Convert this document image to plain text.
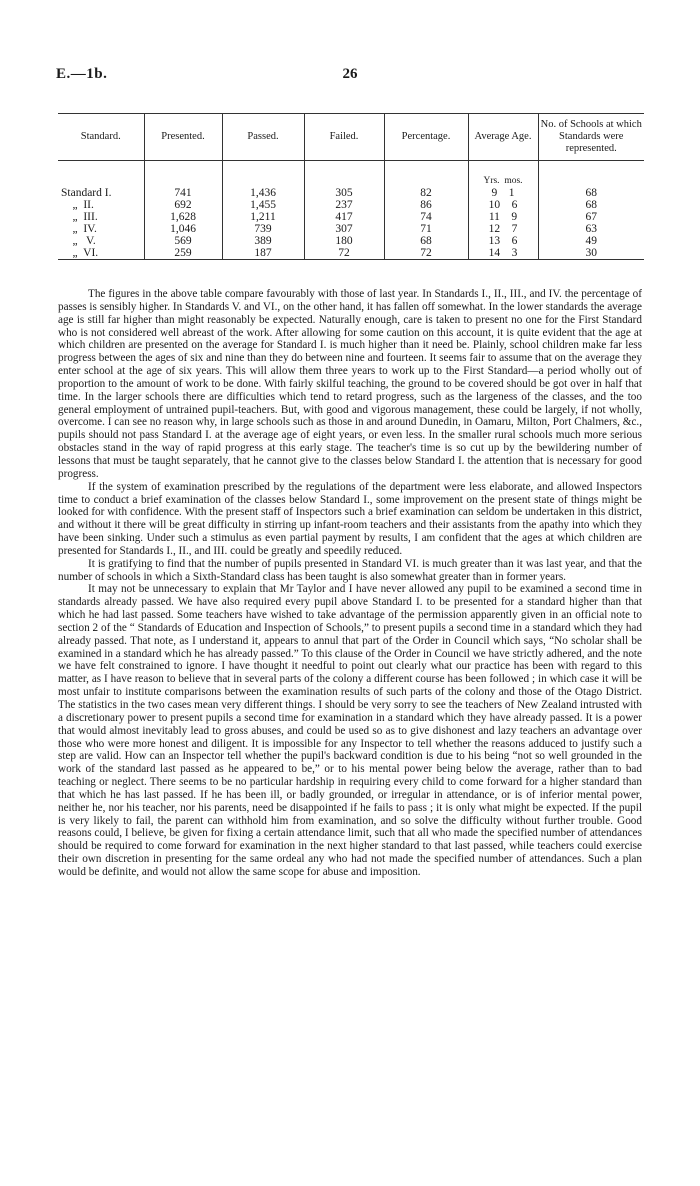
E.—1b.	26
Standard.	Presented.	Passed.	Failed.	Percentage.	Average Age.	No. of Schools at which Standards were represented.

					Yrs. mos.	
Standard I.	741	1,436	305	82	9    1	68
„  II.	692	1,455	237	86	10    6	68
„  III.	1,628	1,211	417	74	11    9	67
„  IV.	1,046	739	307	71	12    7	63
„   V.	569	389	180	68	13    6	49
„  VI.	259	187	72	72	14    3	30

The figures in the above table compare favourably with those of last year. In Standards I., II., III., and IV. the percentage of passes is sensibly higher. In Standards V. and VI., on the other hand, it has fallen off somewhat. In the lower standards the average age is still far higher than might reasonably be expected. Naturally enough, care is taken to present no one for the First Standard who is not considered well abreast of the work. After allowing for some caution on this account, it is quite evident that the age at which children are presented on the average for Standard I. is much higher than it need be. Plainly, school children make far less progress between the ages of six and nine than they do between nine and fourteen. It seems fair to assume that on the average they enter school at the age of six years. This will allow them three years to work up to the First Standard—a period wholly out of proportion to the amount of work to be done. With fairly skilful teaching, the ground to be covered should be got over in half that time. In the larger schools there are difficulties which tend to retard progress, such as the largeness of the classes, and the too general employment of untrained pupil-teachers. But, with good and vigorous management, these could be largely, if not wholly, overcome. I can see no reason why, in large schools such as those in and around Dunedin, in Oamaru, Milton, Port Chalmers, &c., pupils should not pass Standard I. at the average age of eight years, or even less. In the smaller rural schools much more serious obstacles stand in the way of rapid progress at this early stage. The teacher's time is so cut up by the bewildering number of lessons that must be taught separately, that he cannot give to the classes below Standard I. the attention that is necessary for good progress.

If the system of examination prescribed by the regulations of the department were less elaborate, and allowed Inspectors time to conduct a brief examination of the classes below Standard I., some improvement on the present state of things might be looked for with confidence. With the present staff of Inspectors such a brief examination can seldom be undertaken in this district, and without it there will be great difficulty in stirring up infant-room teachers and their assistants from the apathy into which they have been sinking. Under such a stimulus as even partial payment by results, I am confident that the ages at which children are presented for Standards I., II., and III. could be greatly and speedily reduced.

It is gratifying to find that the number of pupils presented in Standard VI. is much greater than it was last year, and that the number of schools in which a Sixth-Standard class has been taught is also somewhat greater than in former years.

It may not be unnecessary to explain that Mr Taylor and I have never allowed any pupil to be examined a second time in standards already passed. We have also required every pupil above Standard I. to be presented for a standard higher than that which he had last passed. Some teachers have wished to take advantage of the permission apparently given in an official note to section 2 of the “ Standards of Education and Inspection of Schools,” to present pupils a second time in a standard which they had already passed. That note, as I understand it, appears to annul that part of the Order in Council which says, “No scholar shall be examined in a standard which he has already passed.” To this clause of the Order in Council we have strictly adhered, and the note we have felt constrained to ignore. I have thought it needful to point out clearly what our practice has been with regard to this matter, as I have reason to believe that in several parts of the colony a different course has been followed ; in which case it will be most unfair to institute comparisons between the examination results of such parts of the colony and those of the Otago District. The statistics in the two cases mean very different things. I should be very sorry to see the teachers of New Zealand intrusted with a discretionary power to present pupils a second time for examination in a standard which they have already passed. It is a power that would almost inevitably lead to gross abuses, and could be used so as to give dishonest and lazy teachers an advantage over those who were more honest and diligent. It is impossible for any Inspector to tell whether the reasons adduced to justify such a step are valid. How can an Inspector tell whether the pupil's backward condition is due to his being “not so well grounded in the work of the standard last passed as he appeared to be,” or to his mental power being below the average, rather than to bad teaching or neglect. There seems to be no particular hardship in requiring every child to come forward for a higher standard than that which he has last passed. If he has been ill, or badly grounded, or irregular in attendance, or is of inferior mental power, neither he, nor his teacher, nor his parents, need be disappointed if he fails to pass ; it is only what might be expected. If the pupil is very likely to fail, the parent can withhold him from examination, and so solve the difficulty without further trouble. Good reasons could, I believe, be given for fixing a certain attendance limit, such that all who made the specified number of attendances should be required to come forward for examination in the next higher standard to that last passed, while teachers could exercise their own discretion in presenting for the same ordeal any who had not made the specified number of attendances. Such a plan would be definite, and would not allow the same scope for abuse and imposition.
